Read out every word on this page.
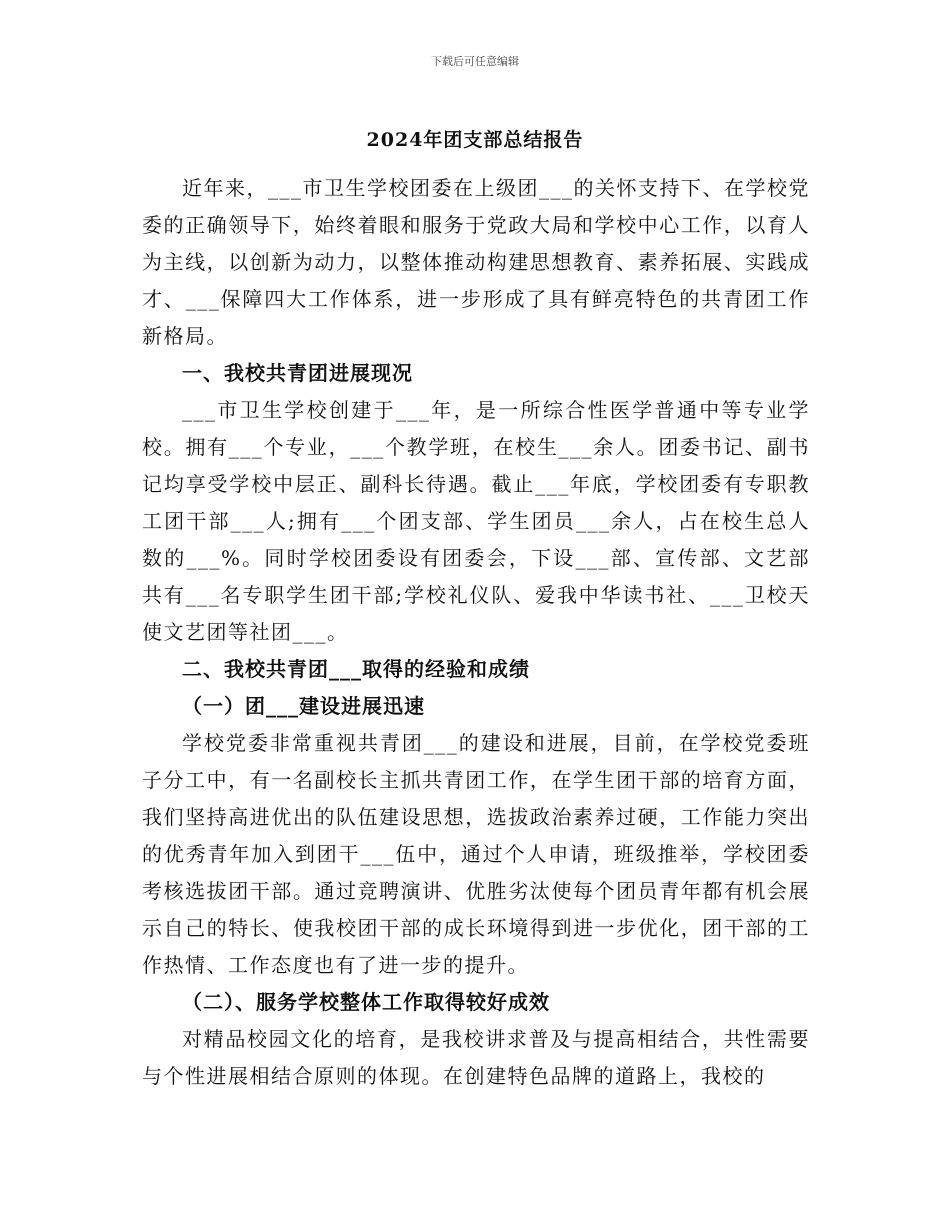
下载后可任意编辑
2024年团支部总结报告

近年来，___市卫生学校团委在上级团___的关怀支持下、在学校党委的正确领导下，始终着眼和服务于党政大局和学校中心工作，以育人为主线，以创新为动力，以整体推动构建思想教育、素养拓展、实践成才、___保障四大工作体系，进一步形成了具有鲜亮特色的共青团工作新格局。

一、我校共青团进展现况

___市卫生学校创建于___年，是一所综合性医学普通中等专业学校。拥有___个专业，___个教学班，在校生___余人。团委书记、副书记均享受学校中层正、副科长待遇。截止___年底，学校团委有专职教工团干部___人;拥有___个团支部、学生团员___余人，占在校生总人数的___%。同时学校团委设有团委会，下设___部、宣传部、文艺部共有___名专职学生团干部;学校礼仪队、爱我中华读书社、___卫校天使文艺团等社团___。

二、我校共青团___取得的经验和成绩

（一）团___建设进展迅速

学校党委非常重视共青团___的建设和进展，目前，在学校党委班子分工中，有一名副校长主抓共青团工作，在学生团干部的培育方面，我们坚持高进优出的队伍建设思想，选拔政治素养过硬，工作能力突出的优秀青年加入到团干___伍中，通过个人申请，班级推举，学校团委考核选拔团干部。通过竞聘演讲、优胜劣汰使每个团员青年都有机会展示自己的特长、使我校团干部的成长环境得到进一步优化，团干部的工作热情、工作态度也有了进一步的提升。

（二）、服务学校整体工作取得较好成效

对精品校园文化的培育，是我校讲求普及与提高相结合，共性需要与个性进展相结合原则的体现。在创建特色品牌的道路上，我校的
